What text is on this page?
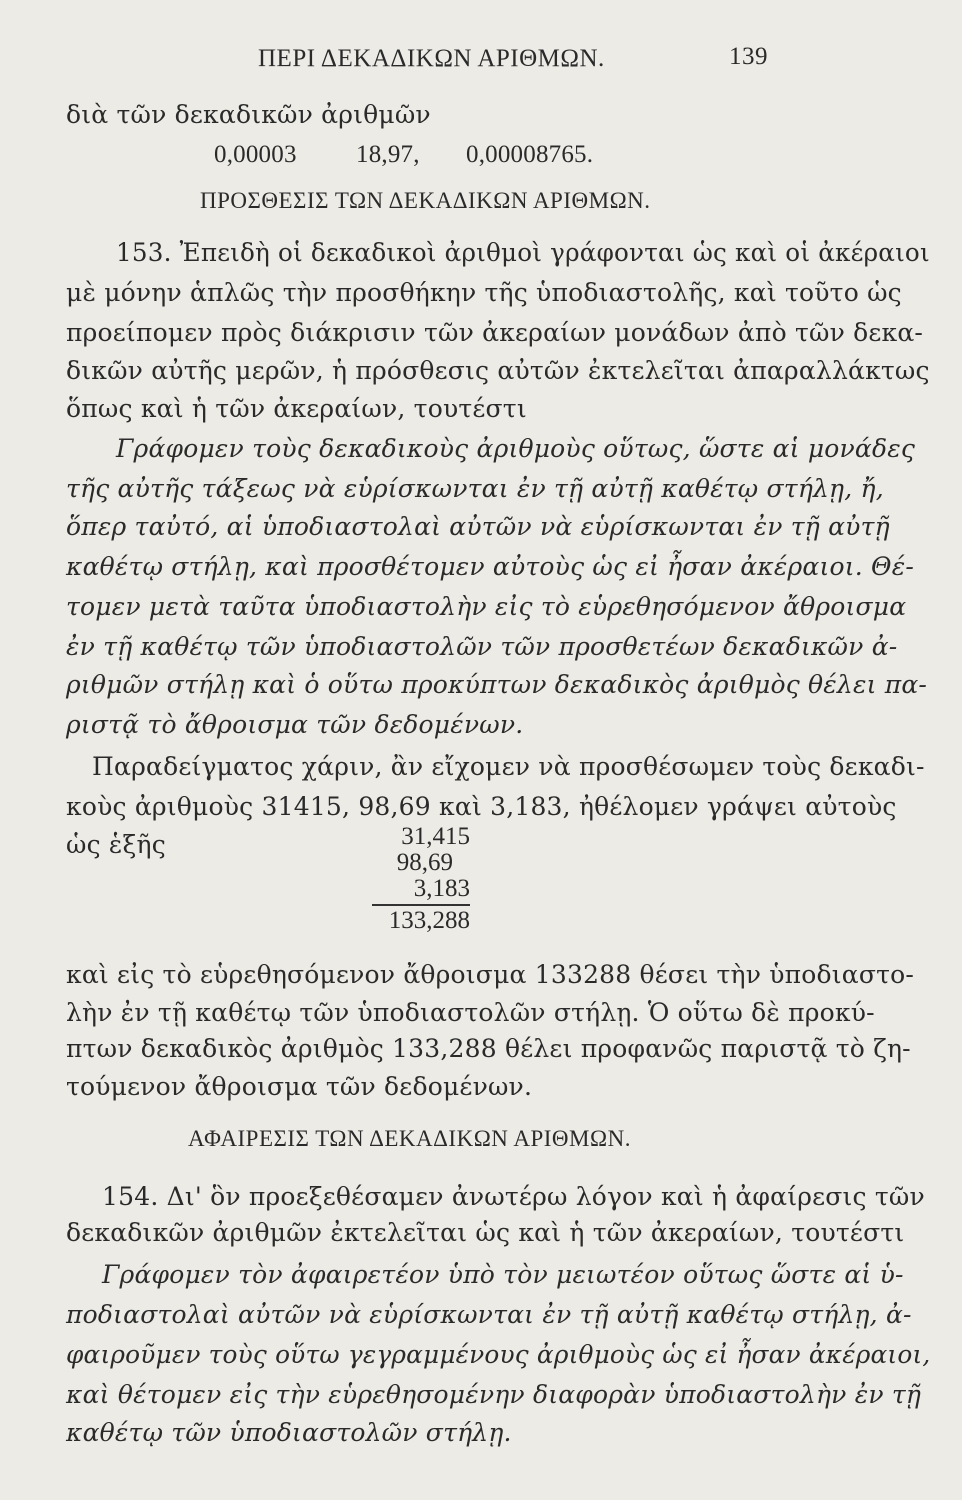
ΠΕΡΙ ΔΕΚΑΔΙΚΩΝ ΑΡΙΘΜΩΝ.	139
διὰ τῶν δεκαδικῶν ἀριθμῶν
0,00003 18,97, 0,00008765.
ΠΡΟΣΘΕΣΙΣ ΤΩΝ ΔΕΚΑΔΙΚΩΝ ΑΡΙΘΜΩΝ.
153. Ἐπειδὴ οἱ δεκαδικοὶ ἀριθμοὶ γράφονται ὡς καὶ οἱ ἀκέραιοι
μὲ μόνην ἁπλῶς τὴν προσθήκην τῆς ὑποδιαστολῆς, καὶ τοῦτο ὡς
προείπομεν πρὸς διάκρισιν τῶν ἀκεραίων μονάδων ἀπὸ τῶν δεκα-
δικῶν αὐτῆς μερῶν, ἡ πρόσθεσις αὐτῶν ἐκτελεῖται ἀπαραλλάκτως
ὅπως καὶ ἡ τῶν ἀκεραίων, τουτέστι
Γράφομεν τοὺς δεκαδικοὺς ἀριθμοὺς οὕτως, ὥστε αἱ μονάδες
τῆς αὐτῆς τάξεως νὰ εὑρίσκωνται ἐν τῇ αὐτῇ καθέτῳ στήλῃ, ἤ,
ὅπερ ταὐτό, αἱ ὑποδιαστολαὶ αὐτῶν νὰ εὑρίσκωνται ἐν τῇ αὐτῇ
καθέτῳ στήλῃ, καὶ προσθέτομεν αὐτοὺς ὡς εἰ ἦσαν ἀκέραιοι. Θέ-
τομεν μετὰ ταῦτα ὑποδιαστολὴν εἰς τὸ εὑρεθησόμενον ἄθροισμα
ἐν τῇ καθέτῳ τῶν ὑποδιαστολῶν τῶν προσθετέων δεκαδικῶν ἀ-
ριθμῶν στήλῃ καὶ ὁ οὕτω προκύπτων δεκαδικὸς ἀριθμὸς θέλει πα-
ριστᾷ τὸ ἄθροισμα τῶν δεδομένων.
Παραδείγματος χάριν, ἂν εἴχομεν νὰ προσθέσωμεν τοὺς δεκαδι-
κοὺς ἀριθμοὺς 31415, 98,69 καὶ 3,183, ἠθέλομεν γράψει αὐτοὺς
ὡς ἑξῆς	31,415
98,69
3,183
133,288
καὶ εἰς τὸ εὑρεθησόμενον ἄθροισμα 133288 θέσει τὴν ὑποδιαστο-
λὴν ἐν τῇ καθέτῳ τῶν ὑποδιαστολῶν στήλῃ. Ὁ οὕτω δὲ προκύ-
πτων δεκαδικὸς ἀριθμὸς 133,288 θέλει προφανῶς παριστᾷ τὸ ζη-
τούμενον ἄθροισμα τῶν δεδομένων.
ΑΦΑΙΡΕΣΙΣ ΤΩΝ ΔΕΚΑΔΙΚΩΝ ΑΡΙΘΜΩΝ.
154. Δι' ὃν προεξεθέσαμεν ἀνωτέρω λόγον καὶ ἡ ἀφαίρεσις τῶν
δεκαδικῶν ἀριθμῶν ἐκτελεῖται ὡς καὶ ἡ τῶν ἀκεραίων, τουτέστι
Γράφομεν τὸν ἀφαιρετέον ὑπὸ τὸν μειωτέον οὕτως ὥστε αἱ ὑ-
ποδιαστολαὶ αὐτῶν νὰ εὑρίσκωνται ἐν τῇ αὐτῇ καθέτῳ στήλῃ, ἀ-
φαιροῦμεν τοὺς οὕτω γεγραμμένους ἀριθμοὺς ὡς εἰ ἦσαν ἀκέραιοι,
καὶ θέτομεν εἰς τὴν εὑρεθησομένην διαφορὰν ὑποδιαστολὴν ἐν τῇ
καθέτῳ τῶν ὑποδιαστολῶν στήλῃ.
